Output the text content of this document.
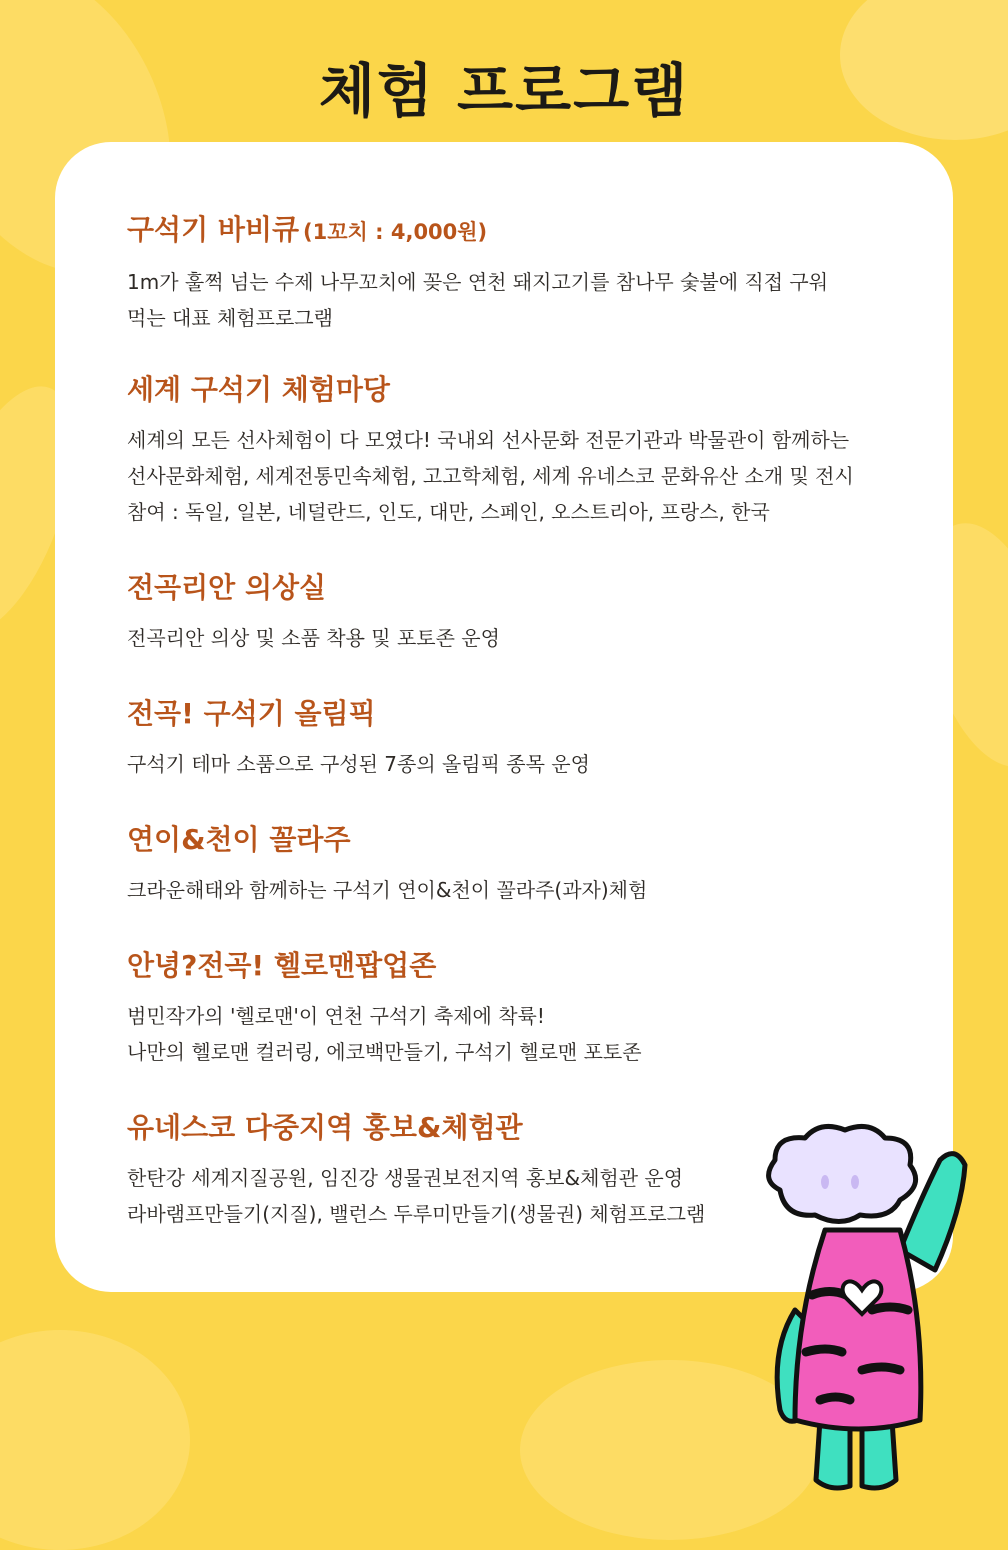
체험 프로그램
구석기 바비큐 (1꼬치 : 4,000원)
1m가 훌쩍 넘는 수제 나무꼬치에 꽂은 연천 돼지고기를 참나무 숯불에 직접 구워
먹는 대표 체험프로그램
세계 구석기 체험마당
세계의 모든 선사체험이 다 모였다! 국내외 선사문화 전문기관과 박물관이 함께하는
선사문화체험, 세계전통민속체험, 고고학체험, 세계 유네스코 문화유산 소개 및 전시
참여 : 독일, 일본, 네덜란드, 인도, 대만, 스페인, 오스트리아, 프랑스, 한국
전곡리안 의상실
전곡리안 의상 및 소품 착용 및 포토존 운영
전곡! 구석기 올림픽
구석기 테마 소품으로 구성된 7종의 올림픽 종목 운영
연이&천이 꼴라주
크라운해태와 함께하는 구석기 연이&천이 꼴라주(과자)체험
안녕?전곡! 헬로맨팝업존
범민작가의 '헬로맨'이 연천 구석기 축제에 착륙!
나만의 헬로맨 컬러링, 에코백만들기, 구석기 헬로맨 포토존
유네스코 다중지역 홍보&체험관
한탄강 세계지질공원, 임진강 생물권보전지역 홍보&체험관 운영
라바램프만들기(지질), 밸런스 두루미만들기(생물권) 체험프로그램
